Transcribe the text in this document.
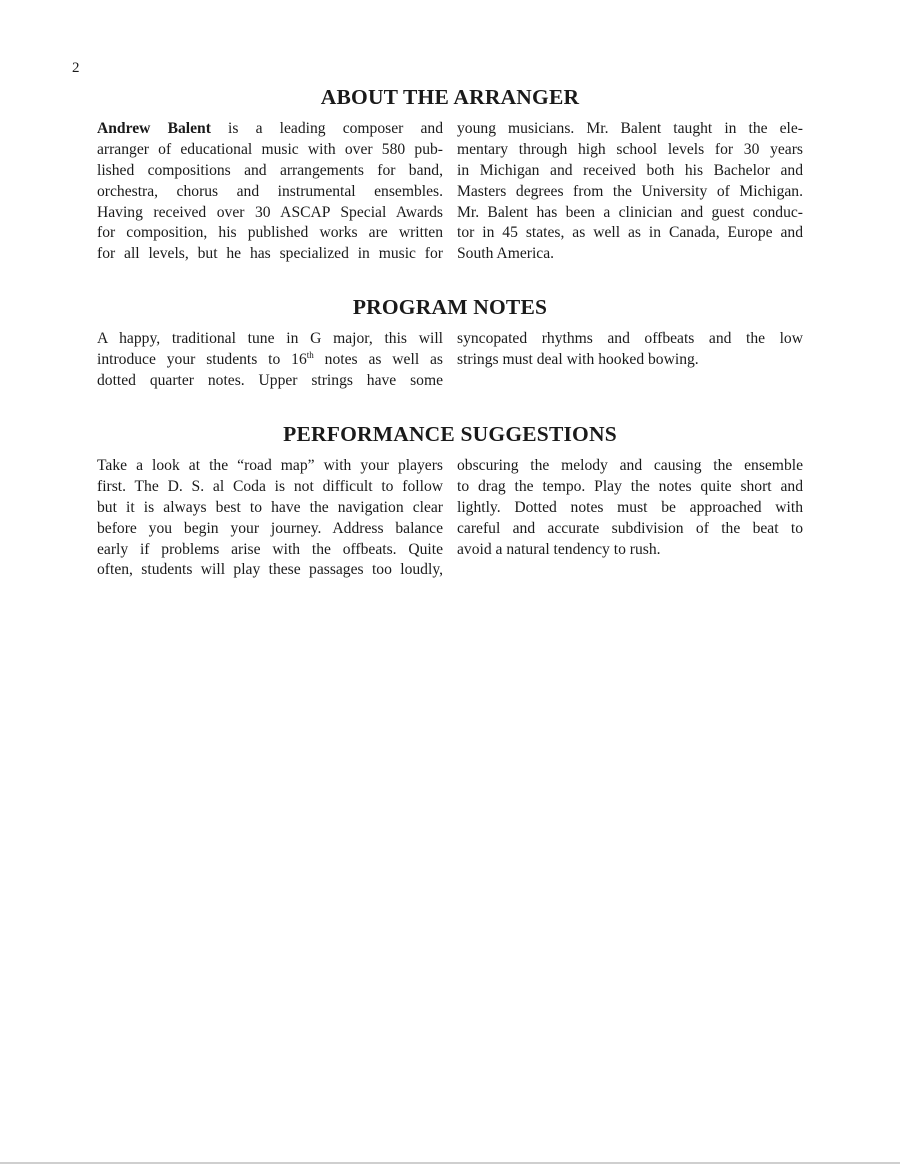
2
ABOUT THE ARRANGER
Andrew Balent is a leading composer and
arranger of educational music with over 580 pub-
lished compositions and arrangements for band,
orchestra, chorus and instrumental ensembles.
Having received over 30 ASCAP Special Awards
for composition, his published works are written
for all levels, but he has specialized in music for
young musicians. Mr. Balent taught in the ele-
mentary through high school levels for 30 years
in Michigan and received both his Bachelor and
Masters degrees from the University of Michigan.
Mr. Balent has been a clinician and guest conduc-
tor in 45 states, as well as in Canada, Europe and
South America.
PROGRAM NOTES
A happy, traditional tune in G major, this will
introduce your students to 16th notes as well as
dotted quarter notes. Upper strings have some
syncopated rhythms and offbeats and the low
strings must deal with hooked bowing.
PERFORMANCE SUGGESTIONS
Take a look at the “road map” with your players
first. The D. S. al Coda is not difficult to follow
but it is always best to have the navigation clear
before you begin your journey. Address balance
early if problems arise with the offbeats. Quite
often, students will play these passages too loudly,
obscuring the melody and causing the ensemble
to drag the tempo. Play the notes quite short and
lightly. Dotted notes must be approached with
careful and accurate subdivision of the beat to
avoid a natural tendency to rush.
